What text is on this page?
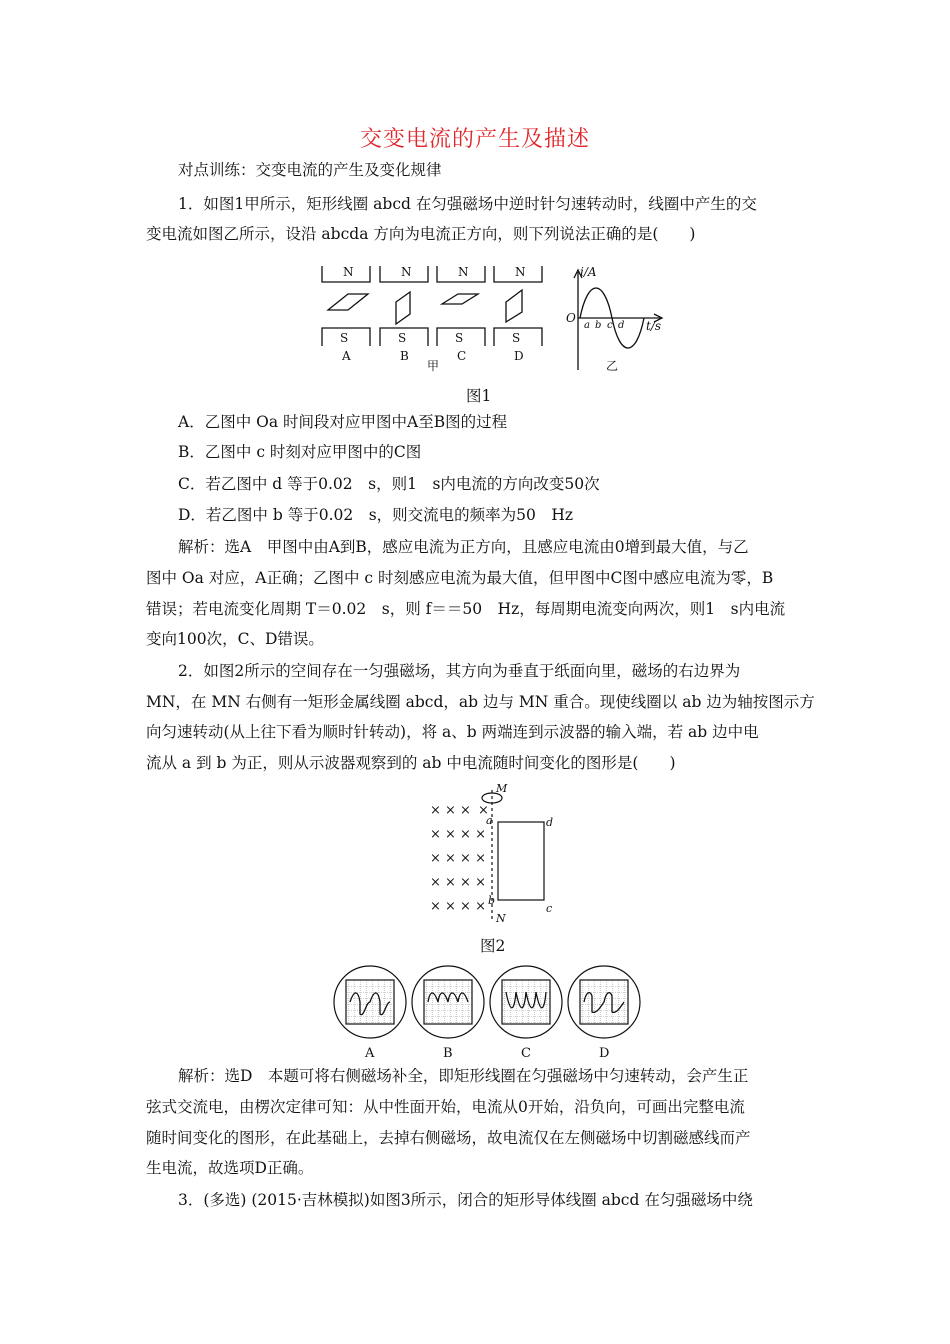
交变电流的产生及描述
对点训练：交变电流的产生及变化规律
1．如图1甲所示，矩形线圈 abcd 在匀强磁场中逆时针匀速转动时，线圈中产生的交
变电流如图乙所示，设沿 abcda 方向为电流正方向，则下列说法正确的是(　　)
N
S
N
S
N
S
N
S
A	B	C	D
甲	乙
i/A
t/s
O
a b c d
图1
A．乙图中 Oa 时间段对应甲图中A至B图的过程
B．乙图中 c 时刻对应甲图中的C图
C．若乙图中 d 等于0.02　s，则1　s内电流的方向改变50次
D．若乙图中 b 等于0.02　s，则交流电的频率为50　Hz
解析：选A　甲图中由A到B，感应电流为正方向，且感应电流由0增到最大值，与乙
图中 Oa 对应，A正确；乙图中 c 时刻感应电流为最大值，但甲图中C图中感应电流为零，B
错误；若电流变化周期 T＝0.02　s，则 f＝＝50　Hz，每周期电流变向两次，则1　s内电流
变向100次，C、D错误。
2．如图2所示的空间存在一匀强磁场，其方向为垂直于纸面向里，磁场的右边界为
MN，在 MN 右侧有一矩形金属线圈 abcd，ab 边与 MN 重合。现使线圈以 ab 边为轴按图示方
向匀速转动(从上往下看为顺时针转动)，将 a、b 两端连到示波器的输入端，若 ab 边中电
流从 a 到 b 为正，则从示波器观察到的 ab 中电流随时间变化的图形是(　　)
× × × ×
× × × ×
× × × ×
× × × ×
× × × ×
M
N
a
b
c
d
图2
A	B	C	D
解析：选D　本题可将右侧磁场补全，即矩形线圈在匀强磁场中匀速转动，会产生正
弦式交流电，由楞次定律可知：从中性面开始，电流从0开始，沿负向，可画出完整电流
随时间变化的图形，在此基础上，去掉右侧磁场，故电流仅在左侧磁场中切割磁感线而产
生电流，故选项D正确。
3．(多选) (2015·吉林模拟)如图3所示，闭合的矩形导体线圈 abcd 在匀强磁场中绕
